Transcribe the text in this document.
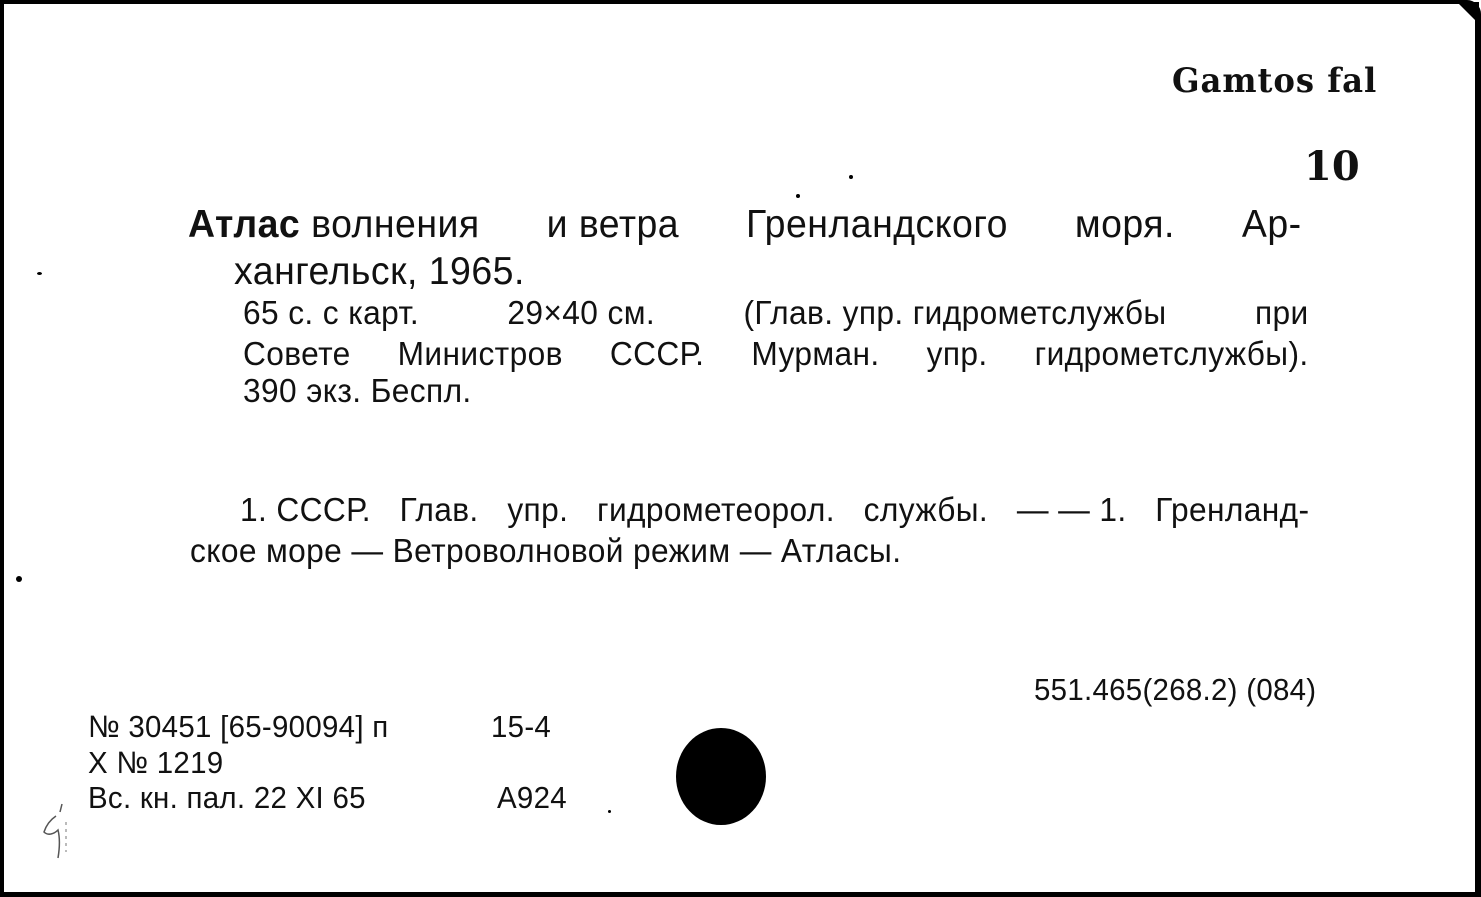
Gamtos fal
10
Атлас волнения и ветра Гренландского моря. Ар-
хангельск, 1965.
65 с. с карт.	29×40 см.	(Глав. упр. гидрометслужбы	при
Совете Министров СССР. Мурман. упр. гидрометслужбы).
390 экз. Беспл.
1. СССР. Глав. упр. гидрометеорол. службы. — — 1. Гренланд-
ское море — Ветроволновой режим — Атласы.
551.465(268.2) (084)
№ 30451 [65-90094] п	15-4
X № 1219
Вс. кн. пал. 22 XI 65	A924
